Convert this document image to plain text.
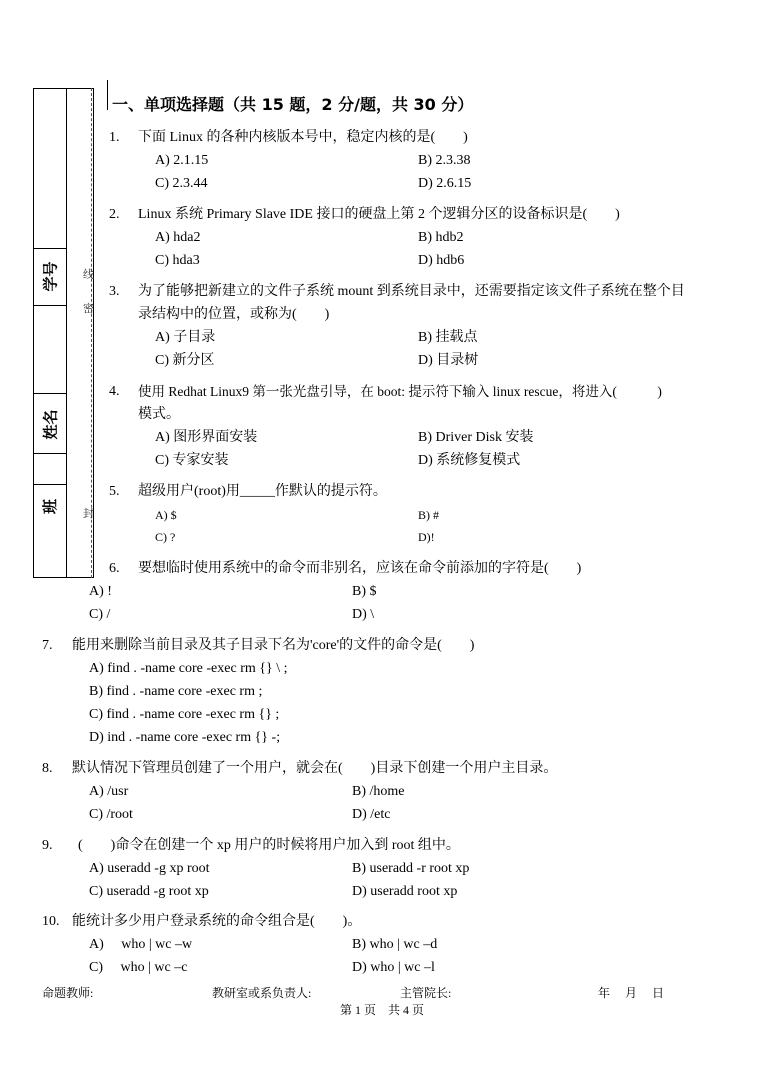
学号
姓名
班
线
密
封
一、单项选择题（共 15 题，2 分/题，共 30 分）
1. 下面 Linux 的各种内核版本号中，稳定内核的是(　　)
A) 2.1.15	B) 2.3.38
C) 2.3.44	D) 2.6.15
2. Linux 系统 Primary Slave IDE 接口的硬盘上第 2 个逻辑分区的设备标识是(　　)
A) hda2	B) hdb2
C) hda3	D) hdb6
3. 为了能够把新建立的文件子系统 mount 到系统目录中，还需要指定该文件子系统在整个目
录结构中的位置，或称为(　　)
A) 子目录	B) 挂载点
C) 新分区	D) 目录树
4. 使用 Redhat Linux9 第一张光盘引导，在 boot: 提示符下输入 linux rescue，将进入(　　　)
模式。
A) 图形界面安装	B) Driver Disk 安装
C) 专家安装	D) 系统修复模式
5. 超级用户(root)用_____作默认的提示符。
A) $	B) #
C) ?	D)!
6. 要想临时使用系统中的命令而非别名，应该在命令前添加的字符是(　　)
A) !	B) $
C) /	D) \
7. 能用来删除当前目录及其子目录下名为'core'的文件的命令是(　　)
A) find . -name core -exec rm {} \ ;
B) find . -name core -exec rm ;
C) find . -name core -exec rm {} ;
D) ind . -name core -exec rm {} -;
8. 默认情况下管理员创建了一个用户，就会在(　　)目录下创建一个用户主目录。
A) /usr	B) /home
C) /root	D) /etc
9. (　　)命令在创建一个 xp 用户的时候将用户加入到 root 组中。
A) useradd -g xp root	B) useradd -r root xp
C) useradd -g root xp	D) useradd root xp
10. 能统计多少用户登录系统的命令组合是(　　)。
A)　 who | wc –w	B) who | wc –d
C)　 who | wc –c	D) who | wc –l
命题教师:	教研室或系负责人:	主管院长:	年　 月　 日
第 1 页　共 4 页
